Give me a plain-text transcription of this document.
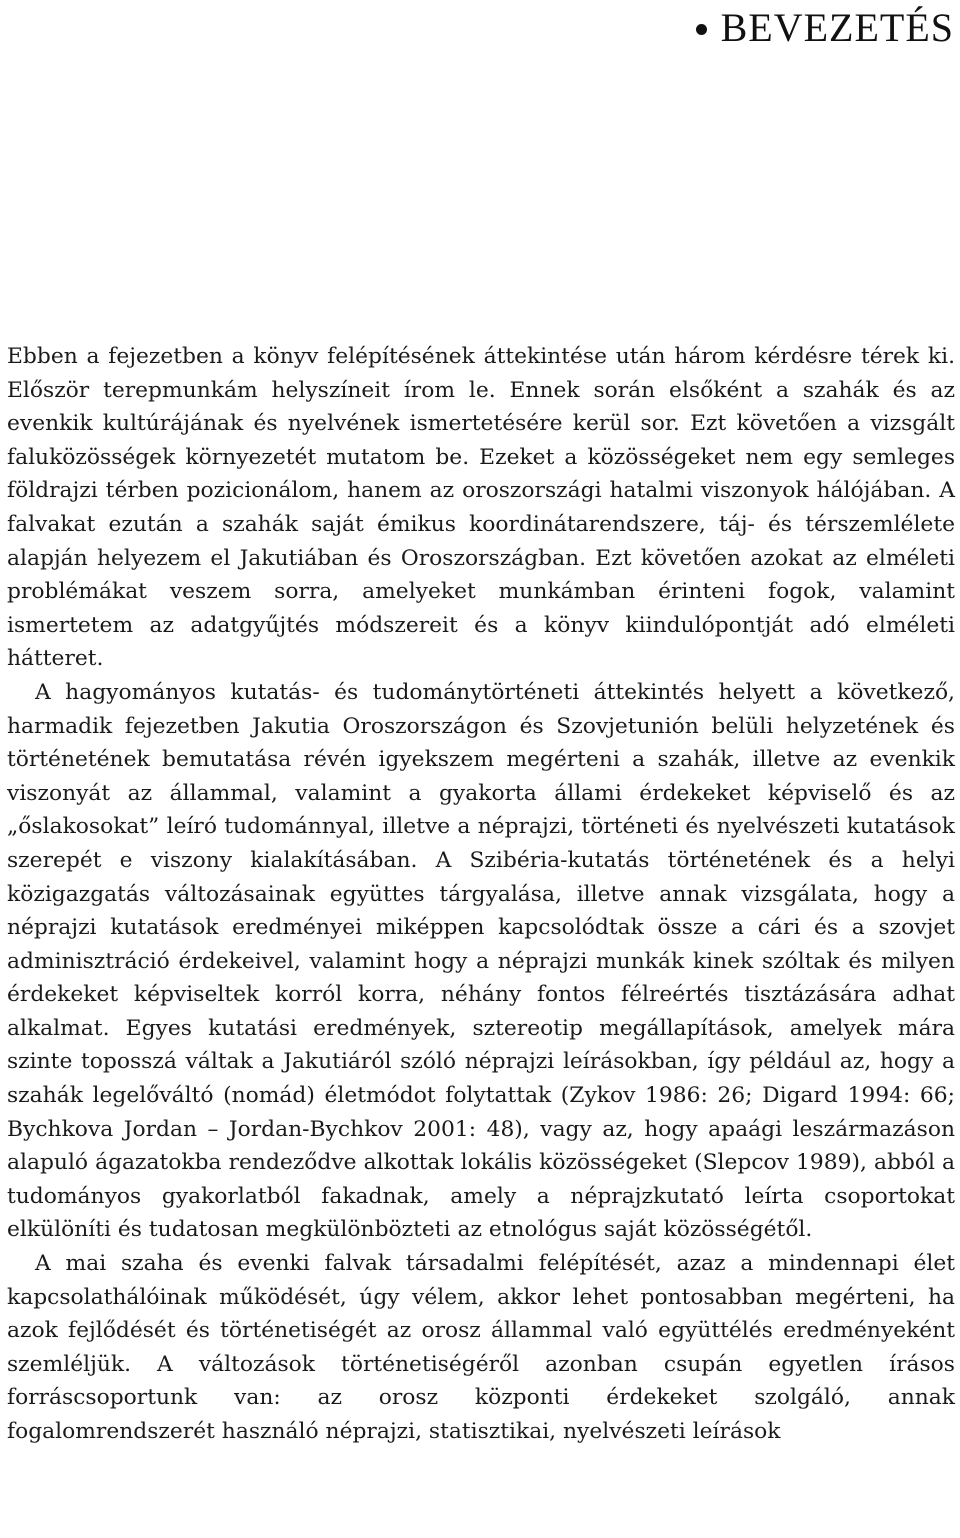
BEVEZETÉS

Ebben a fejezetben a könyv felépítésének áttekintése után három kérdésre térek ki. Először terepmunkám helyszíneit írom le. Ennek során elsőként a szahák és az evenkik kultúrájának és nyelvének ismertetésére kerül sor. Ezt követően a vizsgált faluközösségek környezetét mutatom be. Ezeket a közösségeket nem egy semleges földrajzi térben pozicionálom, hanem az oroszországi hatalmi viszonyok hálójában. A falvakat ezután a szahák saját émikus koordinátarendszere, táj- és térszemlélete alapján helyezem el Jakutiában és Oroszországban. Ezt követően azokat az elméleti problémákat veszem sorra, amelyeket munkámban érinteni fogok, valamint ismertetem az adatgyűjtés módszereit és a könyv kiindulópontját adó elméleti hátteret.

A hagyományos kutatás- és tudománytörténeti áttekintés helyett a következő, harmadik fejezetben Jakutia Oroszországon és Szovjetunión belüli helyzetének és történetének bemutatása révén igyekszem megérteni a szahák, illetve az evenkik viszonyát az állammal, valamint a gyakorta állami érdekeket képviselő és az „őslakosokat” leíró tudománnyal, illetve a néprajzi, történeti és nyelvészeti kutatások szerepét e viszony kialakításában. A Szibéria-kutatás történetének és a helyi közigazgatás változásainak együttes tárgyalása, illetve annak vizsgálata, hogy a néprajzi kutatások eredményei miképpen kapcsolódtak össze a cári és a szovjet adminisztráció érdekeivel, valamint hogy a néprajzi munkák kinek szóltak és milyen érdekeket képviseltek korról korra, néhány fontos félreértés tisztázására adhat alkalmat. Egyes kutatási eredmények, sztereotip megállapítások, amelyek mára szinte toposszá váltak a Jakutiáról szóló néprajzi leírásokban, így például az, hogy a szahák legelőváltó (nomád) életmódot folytattak (Zykov 1986: 26; Digard 1994: 66; Bychkova Jordan – Jordan-Bychkov 2001: 48), vagy az, hogy apaági leszármazáson alapuló ágazatokba rendeződve alkottak lokális közösségeket (Slepcov 1989), abból a tudományos gyakorlatból fakadnak, amely a néprajzkutató leírta csoportokat elkülöníti és tudatosan megkülönbözteti az etnológus saját közösségétől.

A mai szaha és evenki falvak társadalmi felépítését, azaz a mindennapi élet kapcsolathálóinak működését, úgy vélem, akkor lehet pontosabban megérteni, ha azok fejlődését és történetiségét az orosz állammal való együttélés eredményeként szemléljük. A változások történetiségéről azonban csupán egyetlen írásos forráscsoportunk van: az orosz központi érdekeket szolgáló, annak fogalomrendszerét használó néprajzi, statisztikai, nyelvészeti leírások
